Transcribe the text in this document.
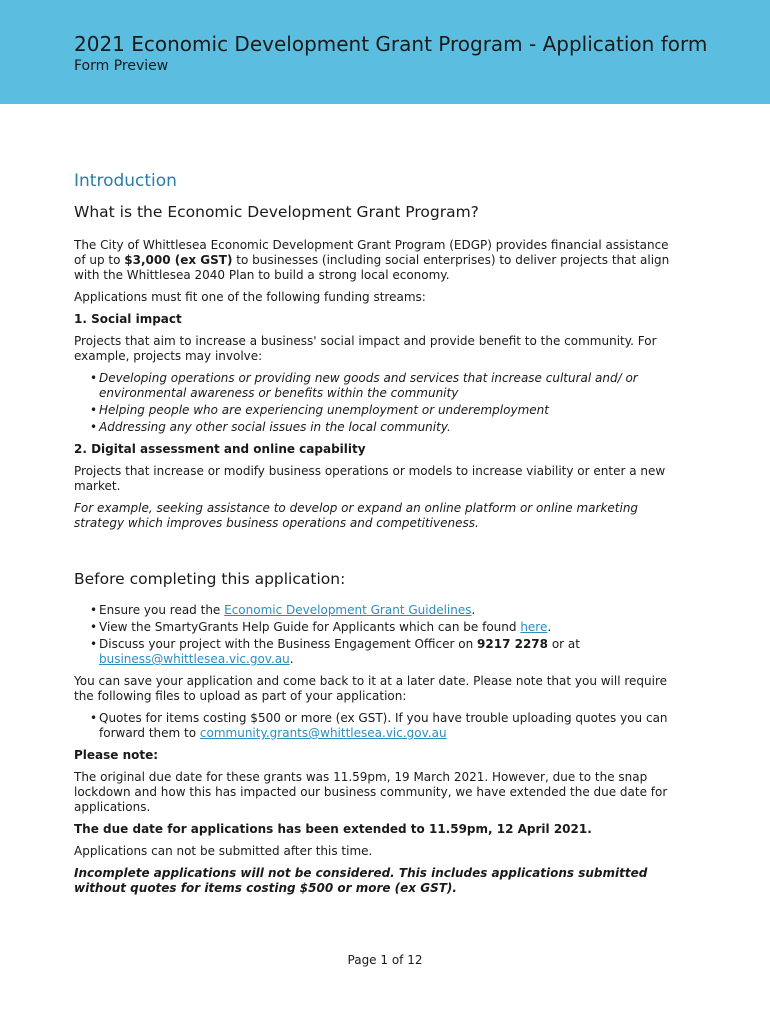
2021 Economic Development Grant Program - Application form
Form Preview
Introduction
What is the Economic Development Grant Program?

The City of Whittlesea Economic Development Grant Program (EDGP) provides financial assistance of up to $3,000 (ex GST) to businesses (including social enterprises) to deliver projects that align with the Whittlesea 2040 Plan to build a strong local economy.

Applications must fit one of the following funding streams:

1. Social impact

Projects that aim to increase a business' social impact and provide benefit to the community. For example, projects may involve:

• Developing operations or providing new goods and services that increase cultural and/ or environmental awareness or benefits within the community
• Helping people who are experiencing unemployment or underemployment
• Addressing any other social issues in the local community.

2. Digital assessment and online capability

Projects that increase or modify business operations or models to increase viability or enter a new market.

For example, seeking assistance to develop or expand an online platform or online marketing strategy which improves business operations and competitiveness.

Before completing this application:
• Ensure you read the Economic Development Grant Guidelines.
• View the SmartyGrants Help Guide for Applicants which can be found here.
• Discuss your project with the Business Engagement Officer on 9217 2278 or at business@whittlesea.vic.gov.au.

You can save your application and come back to it at a later date. Please note that you will require the following files to upload as part of your application:

• Quotes for items costing $500 or more (ex GST). If you have trouble uploading quotes you can forward them to community.grants@whittlesea.vic.gov.au

Please note:

The original due date for these grants was 11.59pm, 19 March 2021. However, due to the snap lockdown and how this has impacted our business community, we have extended the due date for applications.

The due date for applications has been extended to 11.59pm, 12 April 2021.

Applications can not be submitted after this time.

Incomplete applications will not be considered. This includes applications submitted without quotes for items costing $500 or more (ex GST).

Page 1 of 12
